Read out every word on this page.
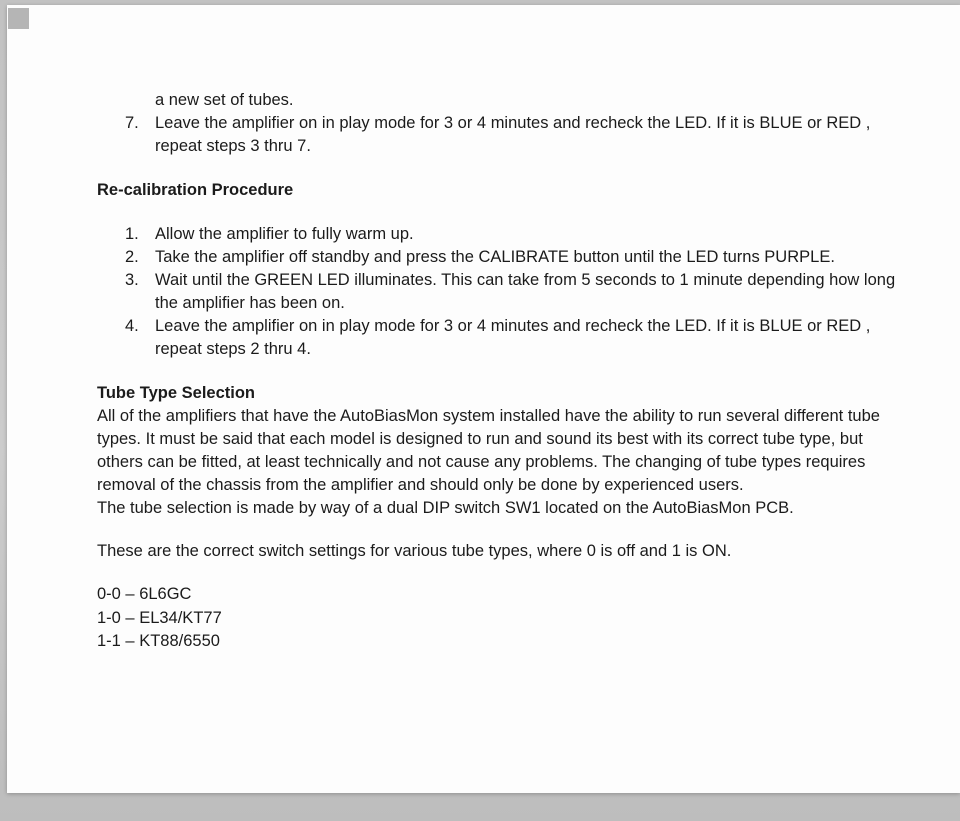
a new set of tubes.
7. Leave the amplifier on in play mode for 3 or 4 minutes and recheck the LED. If it is BLUE or RED , repeat steps 3 thru 7.

Re-calibration Procedure

1. Allow the amplifier to fully warm up.
2. Take the amplifier off standby and press the CALIBRATE button until the LED turns PURPLE.
3. Wait until the GREEN LED illuminates. This can take from 5 seconds to 1 minute depending how long the amplifier has been on.
4. Leave the amplifier on in play mode for 3 or 4 minutes and recheck the LED. If it is BLUE or RED , repeat steps 2 thru 4.

Tube Type Selection

All of the amplifiers that have the AutoBiasMon system installed have the ability to run several different tube types. It must be said that each model is designed to run and sound its best with its correct tube type, but others can be fitted, at least technically and not cause any problems. The changing of tube types requires removal of the chassis from the amplifier and should only be done by experienced users.

The tube selection is made by way of a dual DIP switch SW1 located on the AutoBiasMon PCB.

These are the correct switch settings for various tube types, where 0 is off and 1 is ON.

0-0 – 6L6GC
1-0 – EL34/KT77
1-1 – KT88/6550
